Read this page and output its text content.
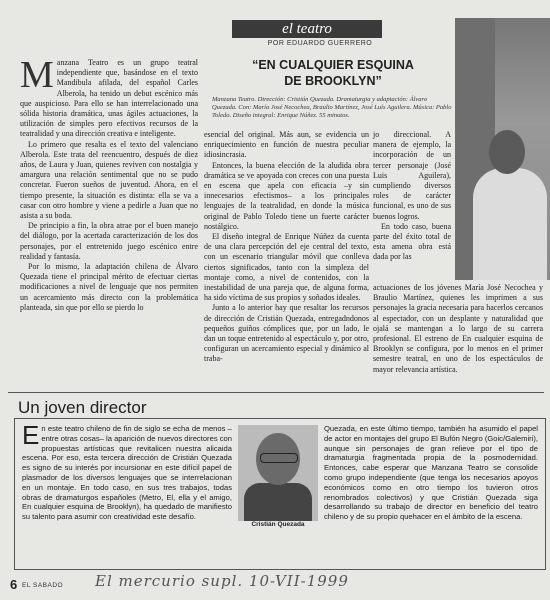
el teatro
POR EDUARDO GUERRERO
“EN CUALQUIER ESQUINA
DE BROOKLYN”
Manzana Teatro. Dirección: Cristián Quezada. Dramaturgia y adaptación: Álvaro Quezada. Con: María José Necochea, Braulio Martínez, José Luís Aguilera. Música: Pablo Toledo. Diseño integral: Enrique Núñez. 55 minutos.
M anzana Teatro es un grupo teatral independiente que, basándose en el texto Mandibula afilada, del español Carles Alberola, ha tenido un debut escénico más que auspicioso. Para ello se han interrelacionado una sólida historia dramática, unas ágiles actuaciones, la utilización de simples pero efectivos recursos de la teatralidad y una dirección creativa e inteligente.

Lo primero que resalta es el texto del valenciano Alberola. Este trata del reencuentro, después de diez años, de Laura y Juan, quienes reviven con nostalgia y amargura una relación sentimental que no se pudo concretar. Fueron sueños de juventud. Ahora, en el tiempo presente, la situación es distinta: ella se va a casar con otro hombre y viene a pedirle a Juan que no asista a su boda.

De principio a fin, la obra atrae por el buen manejo del diálogo, por la acertada caracterización de los dos personajes, por el entretenido juego escénico entre realidad y fantasía.

Por lo mismo, la adaptación chilena de Álvaro Quezada tiene el principal mérito de efectuar ciertas modificaciones a nivel de lenguaje que nos permiten un acercamiento más directo con la problemática planteada, sin que por ello se pierdo lo

esencial del original. Más aun, se evidencia un enriquecimiento en función de nuestra peculiar idiosincrasia.

Entonces, la buena elección de la aludida obra dramática se ve apoyada con creces con una puesta en escena que apela con eficacia –y sin innecesarios efectismos– a los principales lenguajes de la teatralidad, en donde la música original de Pablo Toledo tiene un fuerte carácter nostálgico.

El diseño integral de Enrique Núñez da cuenta de una clara percepción del eje central del texto, con un escenario triangular móvil que conlleva ciertos significados, tanto con la simpleza del montaje como, a nivel de contenidos, con la inestabilidad de una pareja que, de alguna forma, ha sido víctima de sus propios y soñados ideales.

Junto a lo anterior hay que resaltar los recursos de dirección de Cristián Quezada, entregadndonos pequeños guiños cómplices que, por un lado, le dan un toque entretenido al espectáculo y, por otro, configuran un acercamiento especial y dinámico al traba-

jo direccional. A manera de ejemplo, la incorporación de un tercer personaje (José Luis Aguilera), cumpliendo diversos roles de carácter funcional, es uno de sus buenos logros.

En todo caso, buena parte del éxito total de esta amena obra está dada por las

actuaciones de los jóvenes María José Necochea y Braulio Martínez, quienes les imprimen a sus personajes la gracia necesaria para hacerlos cercanos al espectador, con un desplante y naturalidad que ojalá se mantengan a lo largo de su carrera profesional. El estreno de En cualquier esquina de Brooklyn se configura, por lo menos en el primer semestre teatral, en uno de los espectáculos de mayor relevancia artística.

Un joven director
E n este teatro chileno de fin de siglo se echa de menos –entre otras cosas– la aparición de nuevos directores con propuestas artísticas que revitalicen nuestra alicaida escena. Por eso, esta tercera dirección de Cristián Quezada es signo de su interés por incursionar en este difícil papel de plasmador de los diversos lenguajes que se interrelacionan en un montaje. En todo caso, en sus tres trabajos, todas obras de dramaturgos españoles (Metro, El, ella y el amigo, En cualquier esquina de Brooklyn), ha quedado de manifiesto su talento para asumir con creatividad este desafío.
Cristián Quezada
Quezada, en este último tiempo, también ha asumido el papel de actor en montajes del grupo El Bufón Negro (Goic/Galemiri), aunque sin personajes de gran relieve por el tipo de dramaturgia fragmentada propia de la posmodernidad. Entonces, cabe esperar que Manzana Teatro se consolide como grupo independiente (que tenga los necesarios apoyos económicos como en otro tiempo los tuvieron otros renombrados colectivos) y que Cristián Quezada siga desarrollando su trabajo de director en beneficio del teatro chileno y de su propio quehacer en el ámbito de la escena.
6 EL SABADO El mercurio supl. 10-VII-1999
